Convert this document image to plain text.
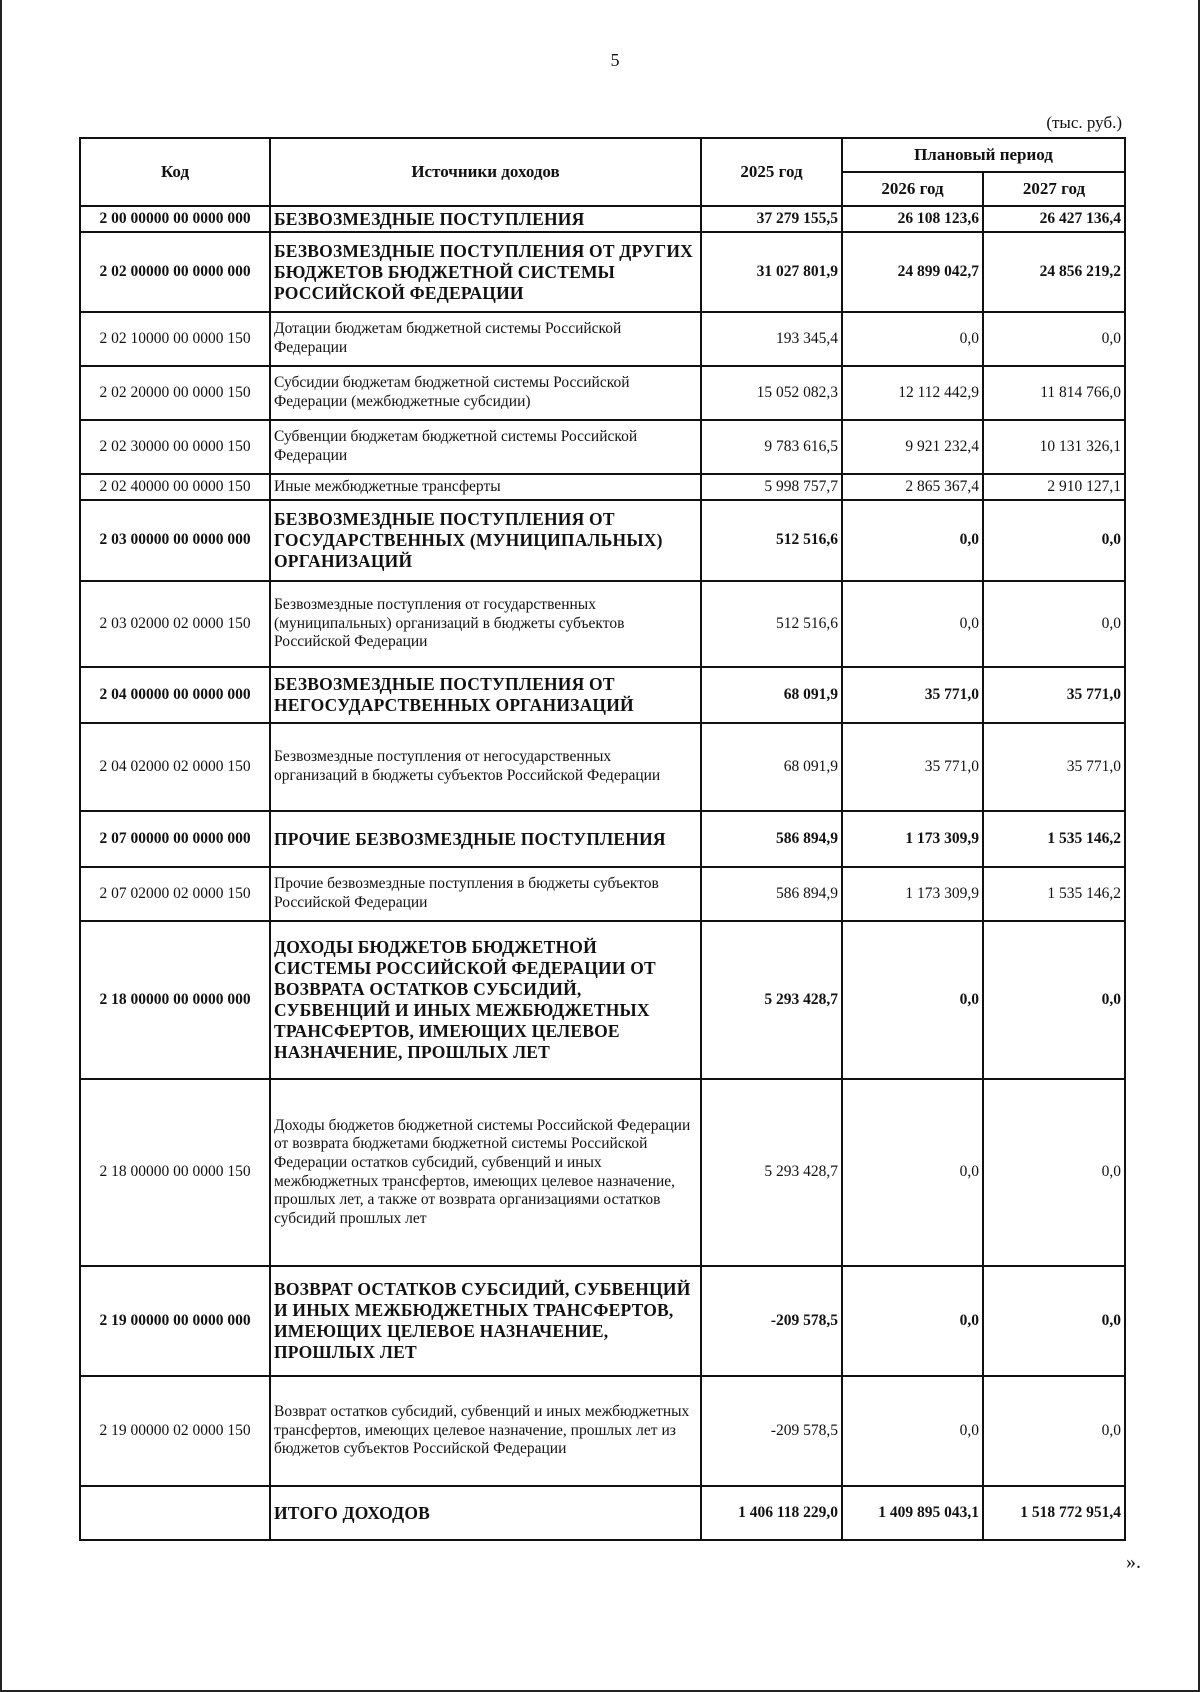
5
(тыс. руб.)
Код	Источники доходов	2025 год	Плановый период	
			2026 год	2027 год
2 00 00000 00 0000 000	БЕЗВОЗМЕЗДНЫЕ ПОСТУПЛЕНИЯ	37 279 155,5	26 108 123,6	26 427 136,4
2 02 00000 00 0000 000	БЕЗВОЗМЕЗДНЫЕ ПОСТУПЛЕНИЯ ОТ ДРУГИХ БЮДЖЕТОВ БЮДЖЕТНОЙ СИСТЕМЫ РОССИЙСКОЙ ФЕДЕРАЦИИ	31 027 801,9	24 899 042,7	24 856 219,2
2 02 10000 00 0000 150	Дотации бюджетам бюджетной системы Российской Федерации	193 345,4	0,0	0,0
2 02 20000 00 0000 150	Субсидии бюджетам бюджетной системы Российской Федерации (межбюджетные субсидии)	15 052 082,3	12 112 442,9	11 814 766,0
2 02 30000 00 0000 150	Субвенции бюджетам бюджетной системы Российской Федерации	9 783 616,5	9 921 232,4	10 131 326,1
2 02 40000 00 0000 150	Иные межбюджетные трансферты	5 998 757,7	2 865 367,4	2 910 127,1
2 03 00000 00 0000 000	БЕЗВОЗМЕЗДНЫЕ ПОСТУПЛЕНИЯ ОТ ГОСУДАРСТВЕННЫХ (МУНИЦИПАЛЬНЫХ) ОРГАНИЗАЦИЙ	512 516,6	0,0	0,0
2 03 02000 02 0000 150	Безвозмездные поступления от государственных (муниципальных) организаций в бюджеты субъектов Российской Федерации	512 516,6	0,0	0,0
2 04 00000 00 0000 000	БЕЗВОЗМЕЗДНЫЕ ПОСТУПЛЕНИЯ ОТ НЕГОСУДАРСТВЕННЫХ ОРГАНИЗАЦИЙ	68 091,9	35 771,0	35 771,0
2 04 02000 02 0000 150	Безвозмездные поступления от негосударственных организаций в бюджеты субъектов Российской Федерации	68 091,9	35 771,0	35 771,0
2 07 00000 00 0000 000	ПРОЧИЕ БЕЗВОЗМЕЗДНЫЕ ПОСТУПЛЕНИЯ	586 894,9	1 173 309,9	1 535 146,2
2 07 02000 02 0000 150	Прочие безвозмездные поступления в бюджеты субъектов Российской Федерации	586 894,9	1 173 309,9	1 535 146,2
2 18 00000 00 0000 000	ДОХОДЫ БЮДЖЕТОВ БЮДЖЕТНОЙ СИСТЕМЫ РОССИЙСКОЙ ФЕДЕРАЦИИ ОТ ВОЗВРАТА ОСТАТКОВ СУБСИДИЙ, СУБВЕНЦИЙ И ИНЫХ МЕЖБЮДЖЕТНЫХ ТРАНСФЕРТОВ, ИМЕЮЩИХ ЦЕЛЕВОЕ НАЗНАЧЕНИЕ, ПРОШЛЫХ ЛЕТ	5 293 428,7	0,0	0,0
2 18 00000 00 0000 150	Доходы бюджетов бюджетной системы Российской Федерации от возврата бюджетами бюджетной системы Российской Федерации остатков субсидий, субвенций и иных межбюджетных трансфертов, имеющих целевое назначение, прошлых лет, а также от возврата организациями остатков субсидий прошлых лет	5 293 428,7	0,0	0,0
2 19 00000 00 0000 000	ВОЗВРАТ ОСТАТКОВ СУБСИДИЙ, СУБВЕНЦИЙ И ИНЫХ МЕЖБЮДЖЕТНЫХ ТРАНСФЕРТОВ, ИМЕЮЩИХ ЦЕЛЕВОЕ НАЗНАЧЕНИЕ, ПРОШЛЫХ ЛЕТ	-209 578,5	0,0	0,0
2 19 00000 02 0000 150	Возврат остатков субсидий, субвенций и иных межбюджетных трансфертов, имеющих целевое назначение, прошлых лет из бюджетов субъектов Российской Федерации	-209 578,5	0,0	0,0
	ИТОГО ДОХОДОВ	1 406 118 229,0	1 409 895 043,1	1 518 772 951,4
».
